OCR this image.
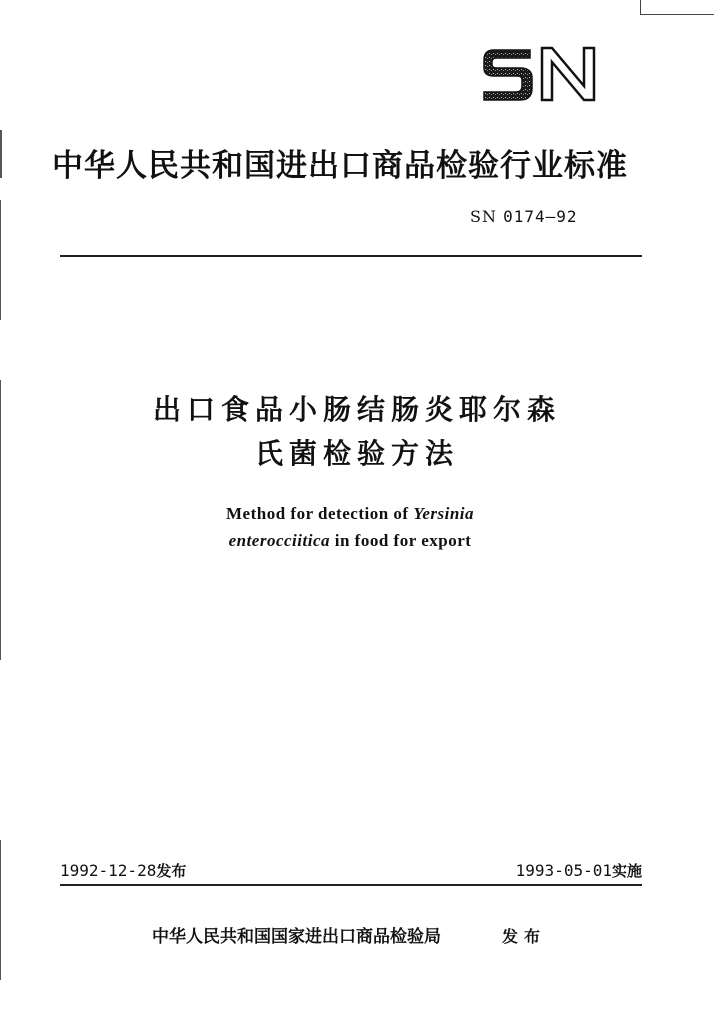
中华人民共和国进出口商品检验行业标准
SN 0174—92
出口食品小肠结肠炎耶尔森
氏菌检验方法
Method for detection of Yersinia
enterocciitica in food for export
1992-12-28发布	1993-05-01实施
中华人民共和国国家进出口商品检验局	发布
